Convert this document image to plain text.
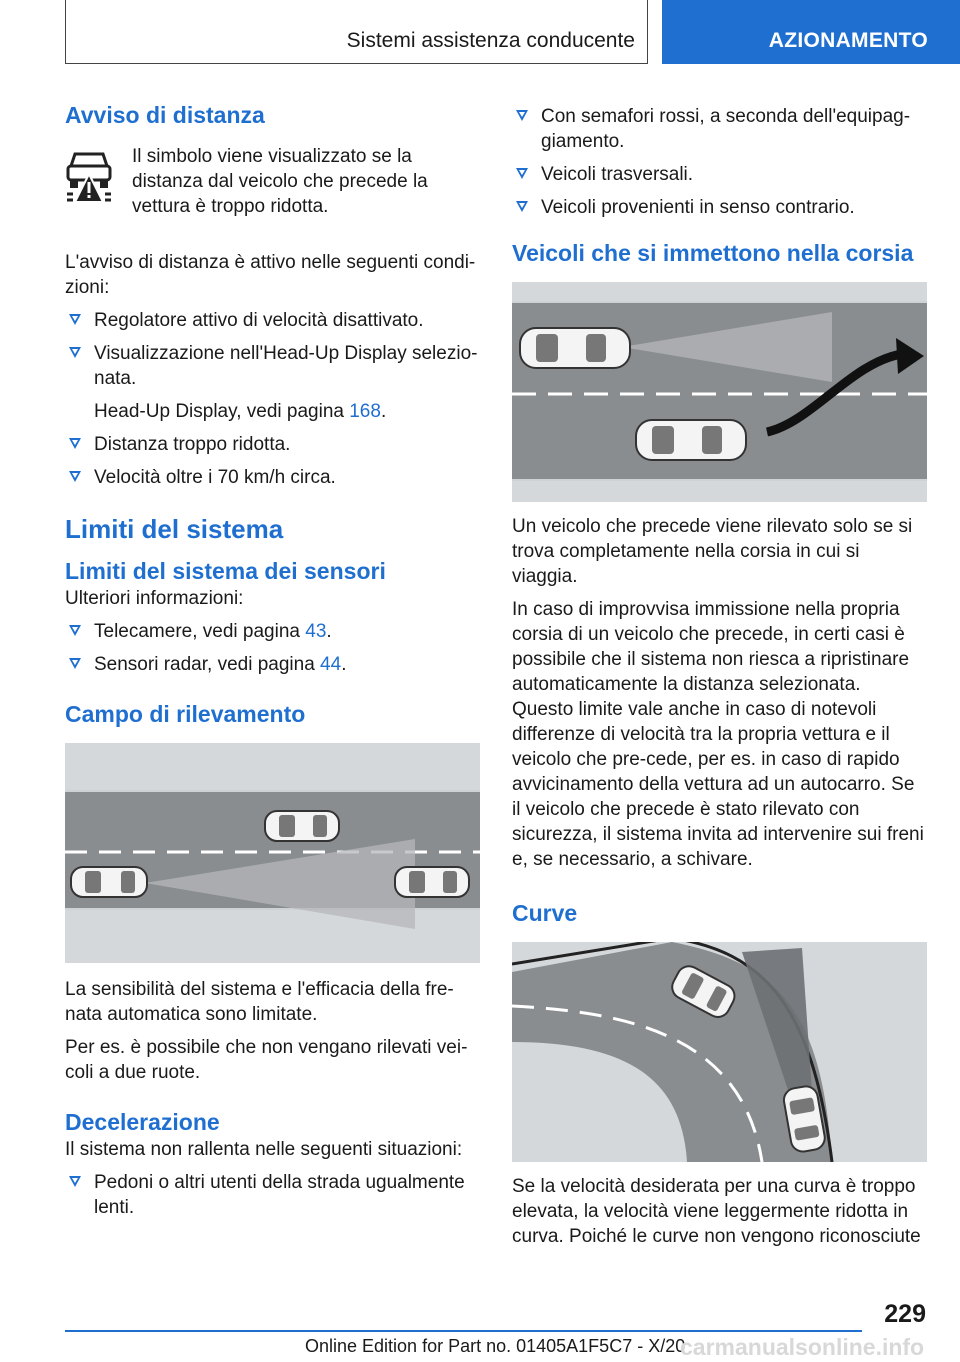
Sistemi assistenza conducente	AZIONAMENTO
Avviso di distanza

Il simbolo viene visualizzato se la distanza dal veicolo che precede la vettura è troppo ridotta.

L'avviso di distanza è attivo nelle seguenti condi-zioni:

Regolatore attivo di velocità disattivato.
Visualizzazione nell'Head-Up Display selezio-nata.
Head-Up Display, vedi pagina 168.
Distanza troppo ridotta.
Velocità oltre i 70 km/h circa.
Limiti del sistema
Limiti del sistema dei sensori

Ulteriori informazioni:

Telecamere, vedi pagina 43.
Sensori radar, vedi pagina 44.
Campo di rilevamento

La sensibilità del sistema e l'efficacia della fre-nata automatica sono limitate.

Per es. è possibile che non vengano rilevati vei-coli a due ruote.

Decelerazione

Il sistema non rallenta nelle seguenti situazioni:

Pedoni o altri utenti della strada ugualmente lenti.
Con semafori rossi, a seconda dell'equipag-giamento.
Veicoli trasversali.
Veicoli provenienti in senso contrario.
Veicoli che si immettono nella corsia

Un veicolo che precede viene rilevato solo se si trova completamente nella corsia in cui si viaggia.

In caso di improvvisa immissione nella propria corsia di un veicolo che precede, in certi casi è possibile che il sistema non riesca a ripristinare automaticamente la distanza selezionata. Questo limite vale anche in caso di notevoli differenze di velocità tra la propria vettura e il veicolo che pre-cede, per es. in caso di rapido avvicinamento della vettura ad un autocarro. Se il veicolo che precede è stato rilevato con sicurezza, il sistema invita ad intervenire sui freni e, se necessario, a schivare.

Curve

Se la velocità desiderata per una curva è troppo elevata, la velocità viene leggermente ridotta in curva. Poiché le curve non vengono riconosciute

229
Online Edition for Part no. 01405A1F5C7 - X/20
carmanualsonline.info
